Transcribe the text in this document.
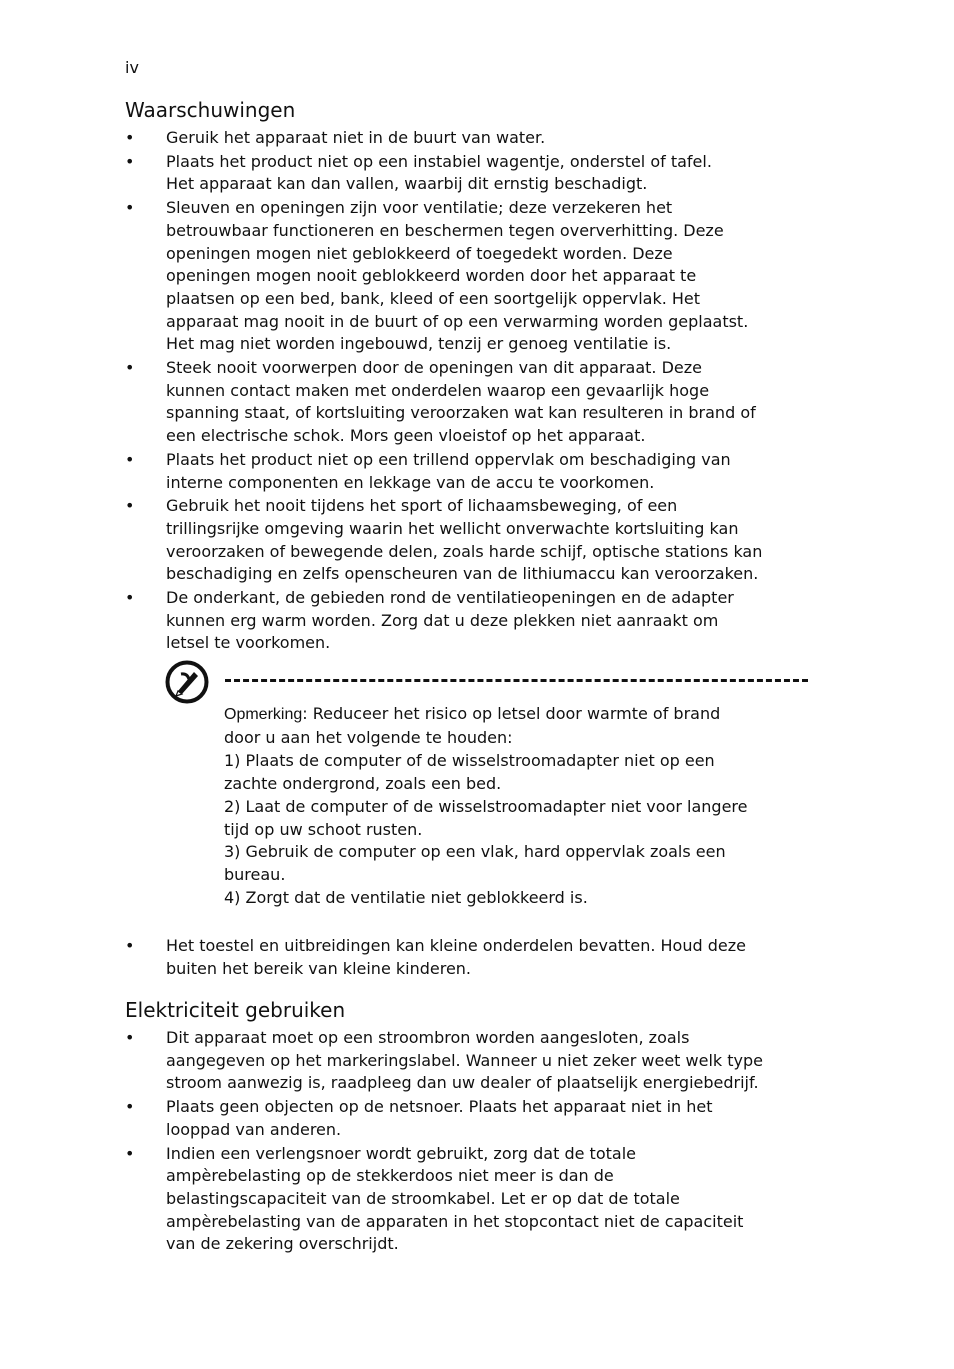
iv
Waarschuwingen
• Geruik het apparaat niet in de buurt van water.
• Plaats het product niet op een instabiel wagentje, onderstel of tafel.
Het apparaat kan dan vallen, waarbij dit ernstig beschadigt.
• Sleuven en openingen zijn voor ventilatie; deze verzekeren het
betrouwbaar functioneren en beschermen tegen oververhitting. Deze
openingen mogen niet geblokkeerd of toegedekt worden. Deze
openingen mogen nooit geblokkeerd worden door het apparaat te
plaatsen op een bed, bank, kleed of een soortgelijk oppervlak. Het
apparaat mag nooit in de buurt of op een verwarming worden geplaatst.
Het mag niet worden ingebouwd, tenzij er genoeg ventilatie is.
• Steek nooit voorwerpen door de openingen van dit apparaat. Deze
kunnen contact maken met onderdelen waarop een gevaarlijk hoge
spanning staat, of kortsluiting veroorzaken wat kan resulteren in brand of
een electrische schok. Mors geen vloeistof op het apparaat.
• Plaats het product niet op een trillend oppervlak om beschadiging van
interne componenten en lekkage van de accu te voorkomen.
• Gebruik het nooit tijdens het sport of lichaamsbeweging, of een
trillingsrijke omgeving waarin het wellicht onverwachte kortsluiting kan
veroorzaken of bewegende delen, zoals harde schijf, optische stations kan
beschadiging en zelfs openscheuren van de lithiumaccu kan veroorzaken.
• De onderkant, de gebieden rond de ventilatieopeningen en de adapter
kunnen erg warm worden. Zorg dat u deze plekken niet aanraakt om
letsel te voorkomen.
Opmerking: Reduceer het risico op letsel door warmte of brand
door u aan het volgende te houden:
1) Plaats de computer of de wisselstroomadapter niet op een
zachte ondergrond, zoals een bed.
2) Laat de computer of de wisselstroomadapter niet voor langere
tijd op uw schoot rusten.
3) Gebruik de computer op een vlak, hard oppervlak zoals een
bureau.
4) Zorgt dat de ventilatie niet geblokkeerd is.
• Het toestel en uitbreidingen kan kleine onderdelen bevatten. Houd deze
buiten het bereik van kleine kinderen.
Elektriciteit gebruiken
• Dit apparaat moet op een stroombron worden aangesloten, zoals
aangegeven op het markeringslabel. Wanneer u niet zeker weet welk type
stroom aanwezig is, raadpleeg dan uw dealer of plaatselijk energiebedrijf.
• Plaats geen objecten op de netsnoer. Plaats het apparaat niet in het
looppad van anderen.
• Indien een verlengsnoer wordt gebruikt, zorg dat de totale
ampèrebelasting op de stekkerdoos niet meer is dan de
belastingscapaciteit van de stroomkabel. Let er op dat de totale
ampèrebelasting van de apparaten in het stopcontact niet de capaciteit
van de zekering overschrijdt.
